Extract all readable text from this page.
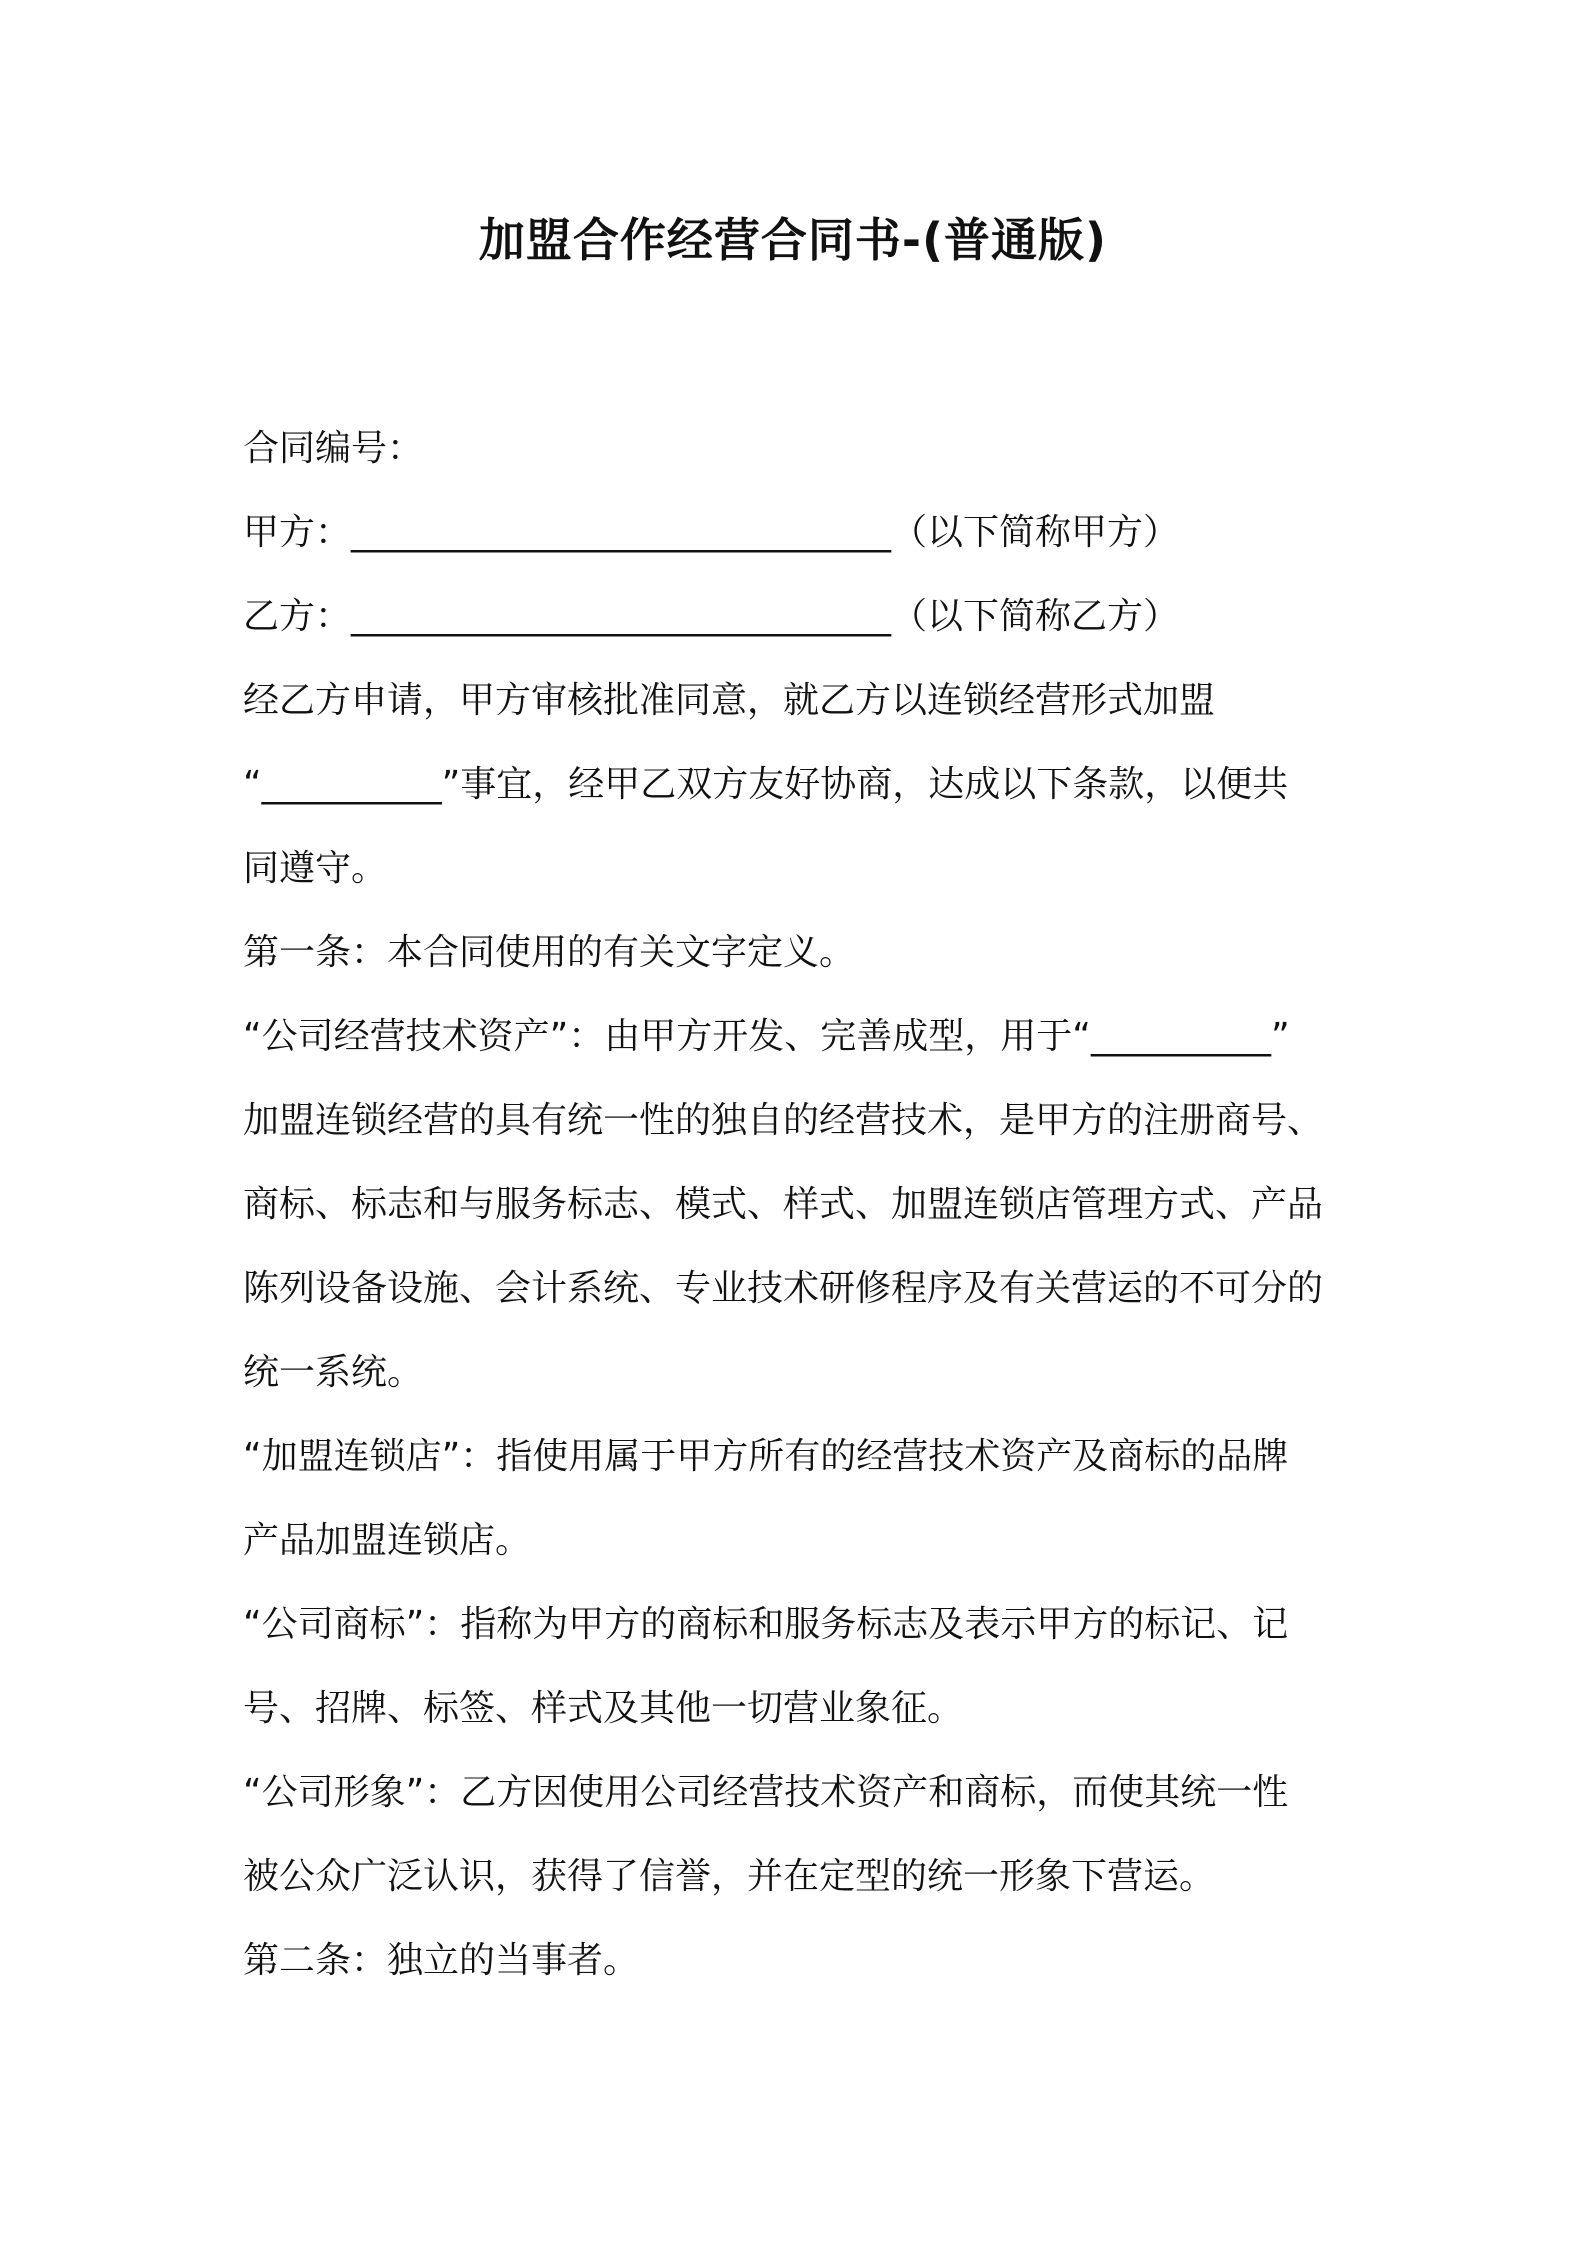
加盟合作经营合同书-(普通版)
合同编号：
甲方：______________________________（以下简称甲方）
乙方：______________________________（以下简称乙方）
经乙方申请，甲方审核批准同意，就乙方以连锁经营形式加盟
“__________”事宜，经甲乙双方友好协商，达成以下条款，以便共
同遵守。
第一条：本合同使用的有关文字定义。
“公司经营技术资产”：由甲方开发、完善成型，用于“__________”
加盟连锁经营的具有统一性的独自的经营技术，是甲方的注册商号、
商标、标志和与服务标志、模式、样式、加盟连锁店管理方式、产品
陈列设备设施、会计系统、专业技术研修程序及有关营运的不可分的
统一系统。
“加盟连锁店”：指使用属于甲方所有的经营技术资产及商标的品牌
产品加盟连锁店。
“公司商标”：指称为甲方的商标和服务标志及表示甲方的标记、记
号、招牌、标签、样式及其他一切营业象征。
“公司形象”：乙方因使用公司经营技术资产和商标，而使其统一性
被公众广泛认识，获得了信誉，并在定型的统一形象下营运。
第二条：独立的当事者。
